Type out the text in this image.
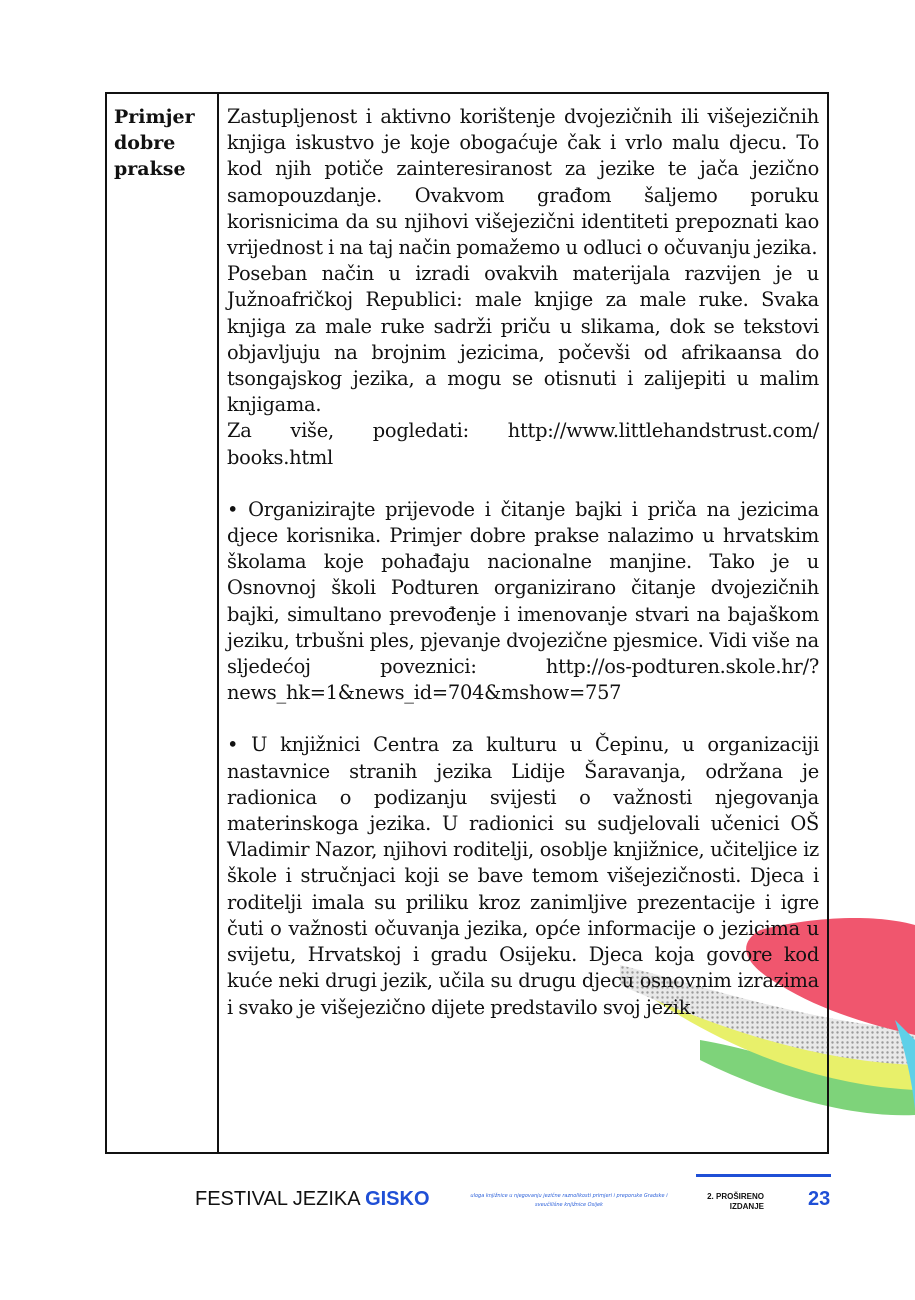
Primjer dobre prakse

Zastupljenost i aktivno korištenje dvojezičnih ili višejezičnih knjiga iskustvo je koje obogaćuje čak i vrlo malu djecu. To kod njih potiče zainteresiranost za jezike te jača jezično samopouzdanje. Ovakvom građom šaljemo poruku korisnicima da su njihovi višejezični identiteti prepoznati kao vrijednost i na taj način pomažemo u odluci o očuvanju jezika.

Poseban način u izradi ovakvih materijala razvijen je u Južnoafričkoj Republici: male knjige za male ruke. Svaka knjiga za male ruke sadrži priču u slikama, dok se tekstovi objavljuju na brojnim jezicima, počevši od afrikaansa do tsongajskog jezika, a mogu se otisnuti i zalijepiti u malim knjigama.

Za više, pogledati: http://www.littlehandstrust.com/ books.html

• Organizirajte prijevode i čitanje bajki i priča na jezicima djece korisnika. Primjer dobre prakse nalazimo u hrvatskim školama koje pohađaju nacionalne manjine. Tako je u Osnovnoj školi Podturen organizirano čitanje dvojezičnih bajki, simultano prevođenje i imenovanje stvari na bajaškom jeziku, trbušni ples, pjevanje dvojezične pjesmice. Vidi više na sljedećoj poveznici: http://os-podturen.skole.hr/?news_hk=1&news_id=704&mshow=757

• U knjižnici Centra za kulturu u Čepinu, u organizaciji nastavnice stranih jezika Lidije Šaravanja, održana je radionica o podizanju svijesti o važnosti njegovanja materinskoga jezika. U radionici su sudjelovali učenici OŠ Vladimir Nazor, njihovi roditelji, osoblje knjižnice, učiteljice iz škole i stručnjaci koji se bave temom višejezičnosti. Djeca i roditelji imala su priliku kroz zanimljive prezentacije i igre čuti o važnosti očuvanja jezika, opće informacije o jezicima u svijetu, Hrvatskoj i gradu Osijeku. Djeca koja govore kod kuće neki drugi jezik, učila su drugu djecu osnovnim izrazima i svako je višejezično dijete predstavilo svoj jezik.

FESTIVAL JEZIKA GISKO	uloga knjižnice u njegovanju jezične raznolikosti primjeri i preporuke Gradske i sveučilišne knjižnice Osijek
2. PROŠIRENO IZDANJE 23
